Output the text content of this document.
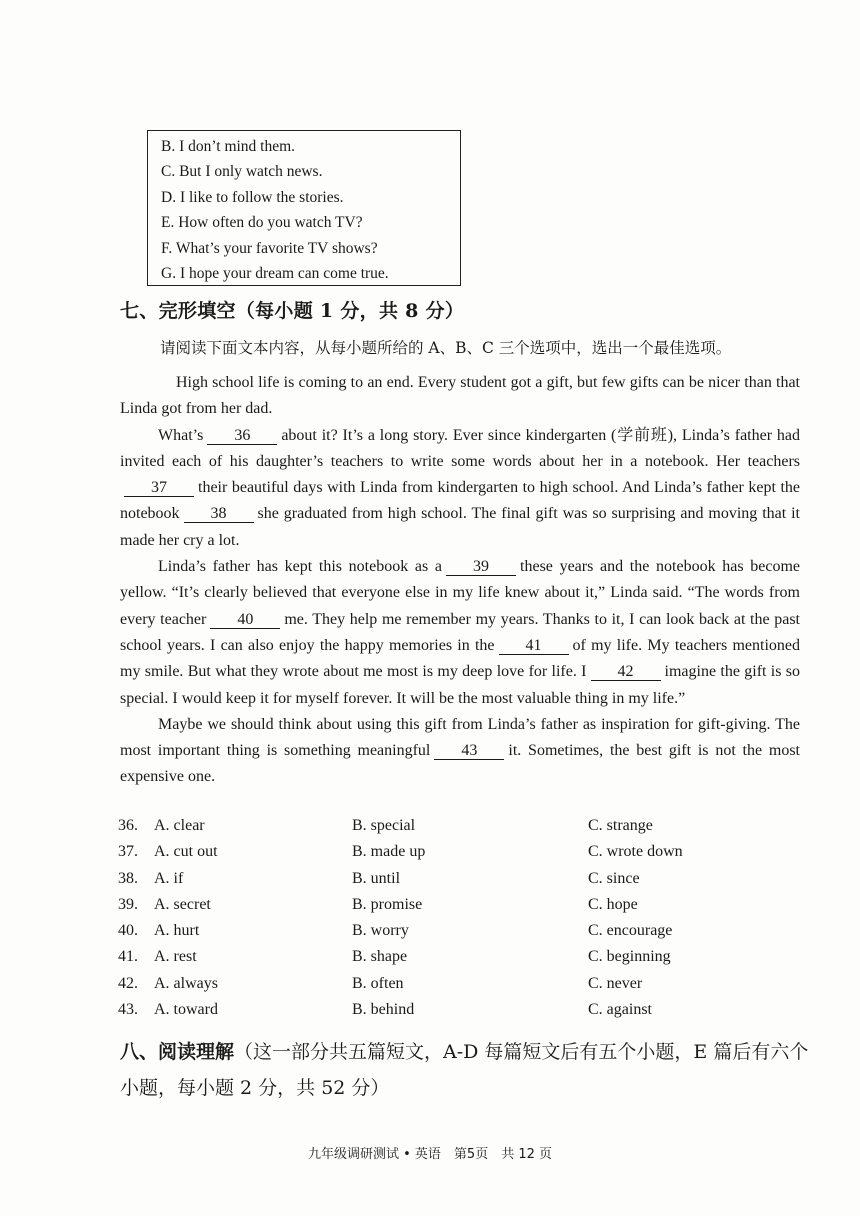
B. I don’t mind them.
C. But I only watch news.
D. I like to follow the stories.
E. How often do you watch TV?
F. What’s your favorite TV shows?
G. I hope your dream can come true.
七、完形填空（每小题 1 分，共 8 分）
请阅读下面文本内容，从每小题所给的 A、B、C 三个选项中，选出一个最佳选项。

High school life is coming to an end. Every student got a gift, but few gifts can be nicer than that Linda got from her dad.

What’s 36 about it? It’s a long story. Ever since kindergarten (学前班), Linda’s father had invited each of his daughter’s teachers to write some words about her in a notebook. Her teachers37 their beautiful days with Linda from kindergarten to high school. And Linda’s father kept the notebook 38 she graduated from high school. The final gift was so surprising and moving that it made her cry a lot.

Linda’s father has kept this notebook as a 39 these years and the notebook has become yellow. “It’s clearly believed that everyone else in my life knew about it,” Linda said. “The words from every teacher 40 me. They help me remember my years. Thanks to it, I can look back at the past school years. I can also enjoy the happy memories in the 41 of my life. My teachers mentioned my smile. But what they wrote about me most is my deep love for life. I 42 imagine the gift is so special. I would keep it for myself forever. It will be the most valuable thing in my life.”

Maybe we should think about using this gift from Linda’s father as inspiration for gift-giving. The most important thing is something meaningful 43 it. Sometimes, the best gift is not the most expensive one.

36. A. clear	B. special	C. strange
37. A. cut out	B. made up	C. wrote down
38. A. if	B. until	C. since
39. A. secret	B. promise	C. hope
40. A. hurt	B. worry	C. encourage
41. A. rest	B. shape	C. beginning
42. A. always	B. often	C. never
43. A. toward	B. behind	C. against
八、阅读理解（这一部分共五篇短文，A-D 每篇短文后有五个小题，E 篇后有六个小题，每小题 2 分，共 52 分）
九年级调研测试 • 英语　第5页　共 12 页
